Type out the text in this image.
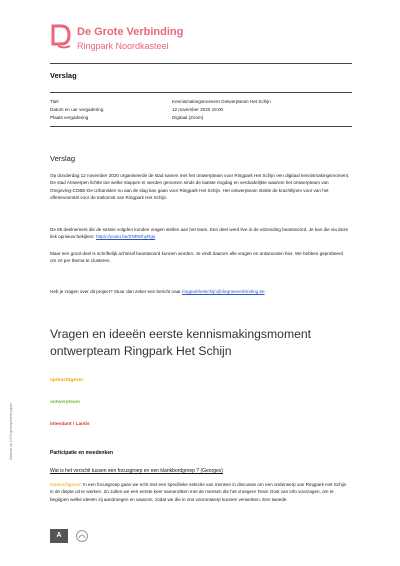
De Grote Verbinding
Ringpark Noordkasteel
Verslag
Titel	Kennismakingsmoment Ontwerpteam Het Schijn
Datum en uur vergadering	12 november 2020 19:00
Plaats vergadering	Digitaal (Zoom)
Verslag
Op donderdag 12 november 2020 organiseerde de stad samen met het ontwerpteam voor Ringpark Het Schijn een digitaal kennismakingsmoment. De stad Antwerpen lichtte toe welke stappen er werden genomen sinds de laatste ringdag en verduidelijkte waarom het ontwerpteam van Omgeving-COBE-De Urbanisten nu aan de slag kan gaan voor Ringpark Het Schijn. Het ontwerpteam stelde de krachtlijnen voor van het offertevoorstel voor de toekomst van Ringpark Het Schijn.
De 85 deelnemers die de sessie volgden konden vragen stellen aan het team. Een deel werd live in de uitzending beantwoord. Je kan die via deze link opnieuw bekijken: https://youtu.be/ZNR8rhyRgs
Maar een groot deel is schriftelijk achteraf beantwoord kunnen worden. Je vindt daarom alle vragen en antwoorden hier. We hebben geprobeerd om ze per thema te clusteren.
Heb je vragen over dit project? Stuur dan zeker een bericht naar ringparkhetschijn@degroteverbinding.be.
Vragen en ideeën eerste kennismakingsmoment ontwerpteam Ringpark Het Schijn
opdrachtgever
ontwerpteam
intendant / Lantis
Participatie en meedenken
Wat is het verschil tussen een focusgroep en een klankbordgroep ? (Georges)
Opdrachtgever: In een focusgroep gaan we echt met een specifieke selectie van mensen in discussie om een onderwerp van Ringpark Het Schijn in de diepte uit te werken. Zo zullen we een eerste keer samenzitten met de mensen die het vroegere Team Oost van info voorzagen, om te begrijpen welke ideeën zij aandroegen en waarom, zodat we die in ons voorontwerp kunnen verwerken. Een tweede
Gedrukt op 100% gerecycleerd papier
A
